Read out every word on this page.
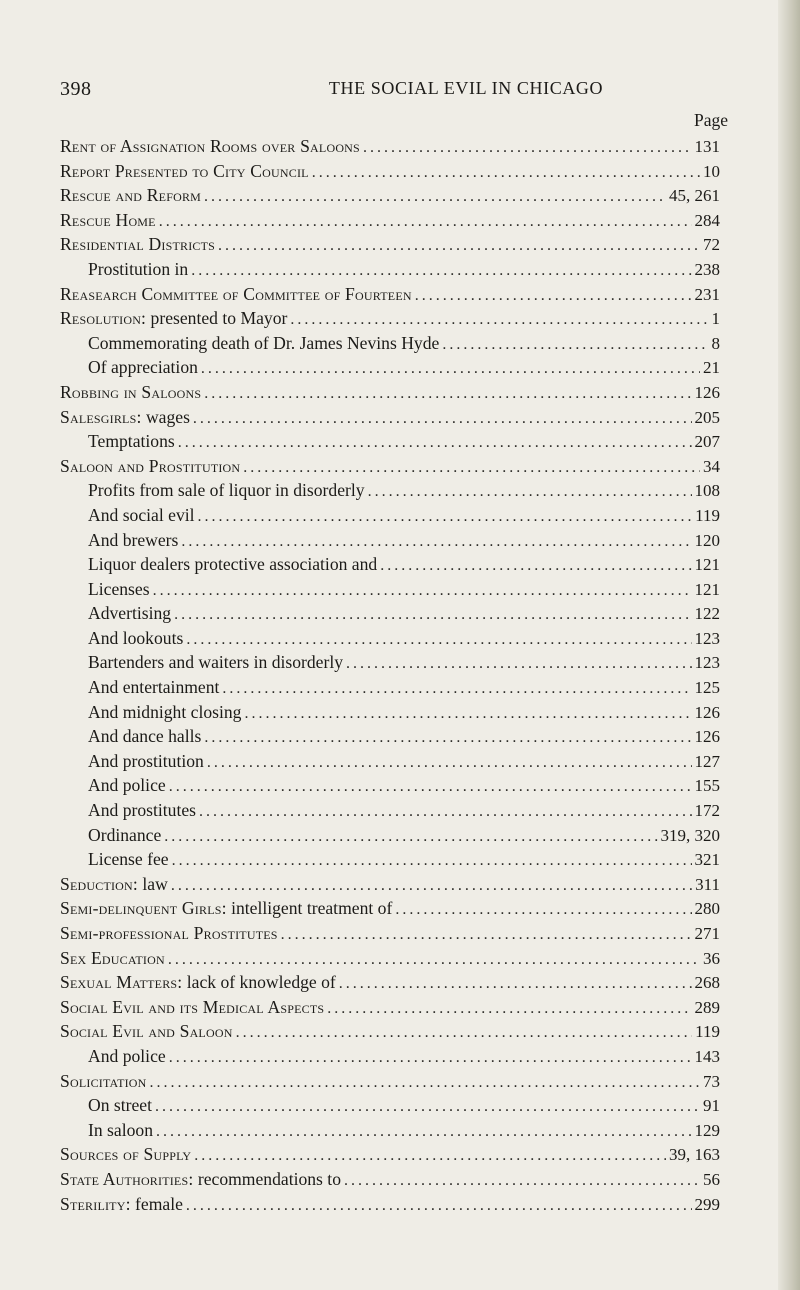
398	THE SOCIAL EVIL IN CHICAGO
Page
Rent of Assignation Rooms over Saloons . . .	131
Report Presented to City Council . . .	10
Rescue and Reform . . .	45, 261
Rescue Home . . .	284
Residential Districts . . .	72
Prostitution in . . .	238
Reasearch Committee of Committee of Fourteen . . .	231
Resolution: presented to Mayor . . .	1
Commemorating death of Dr. James Nevins Hyde . . .	8
Of appreciation . . .	21
Robbing in Saloons . . .	126
Salesgirls: wages . . .	205
Temptations . . .	207
Saloon and Prostitution . . .	34
Profits from sale of liquor in disorderly . . .	108
And social evil . . .	119
And brewers . . .	120
Liquor dealers protective association and . . .	121
Licenses . . .	121
Advertising . . .	122
And lookouts . . .	123
Bartenders and waiters in disorderly . . .	123
And entertainment . . .	125
And midnight closing . . .	126
And dance halls . . .	126
And prostitution . . .	127
And police . . .	155
And prostitutes . . .	172
Ordinance . . .	319, 320
License fee . . .	321
Seduction: law . . .	311
Semi-delinquent Girls: intelligent treatment of . . .	280
Semi-professional Prostitutes . . .	271
Sex Education . . .	36
Sexual Matters: lack of knowledge of . . .	268
Social Evil and its Medical Aspects . . .	289
Social Evil and Saloon . . .	119
And police . . .	143
Solicitation . . .	73
On street . . .	91
In saloon . . .	129
Sources of Supply . . .	39, 163
State Authorities: recommendations to . . .	56
Sterility: female . . .	299
